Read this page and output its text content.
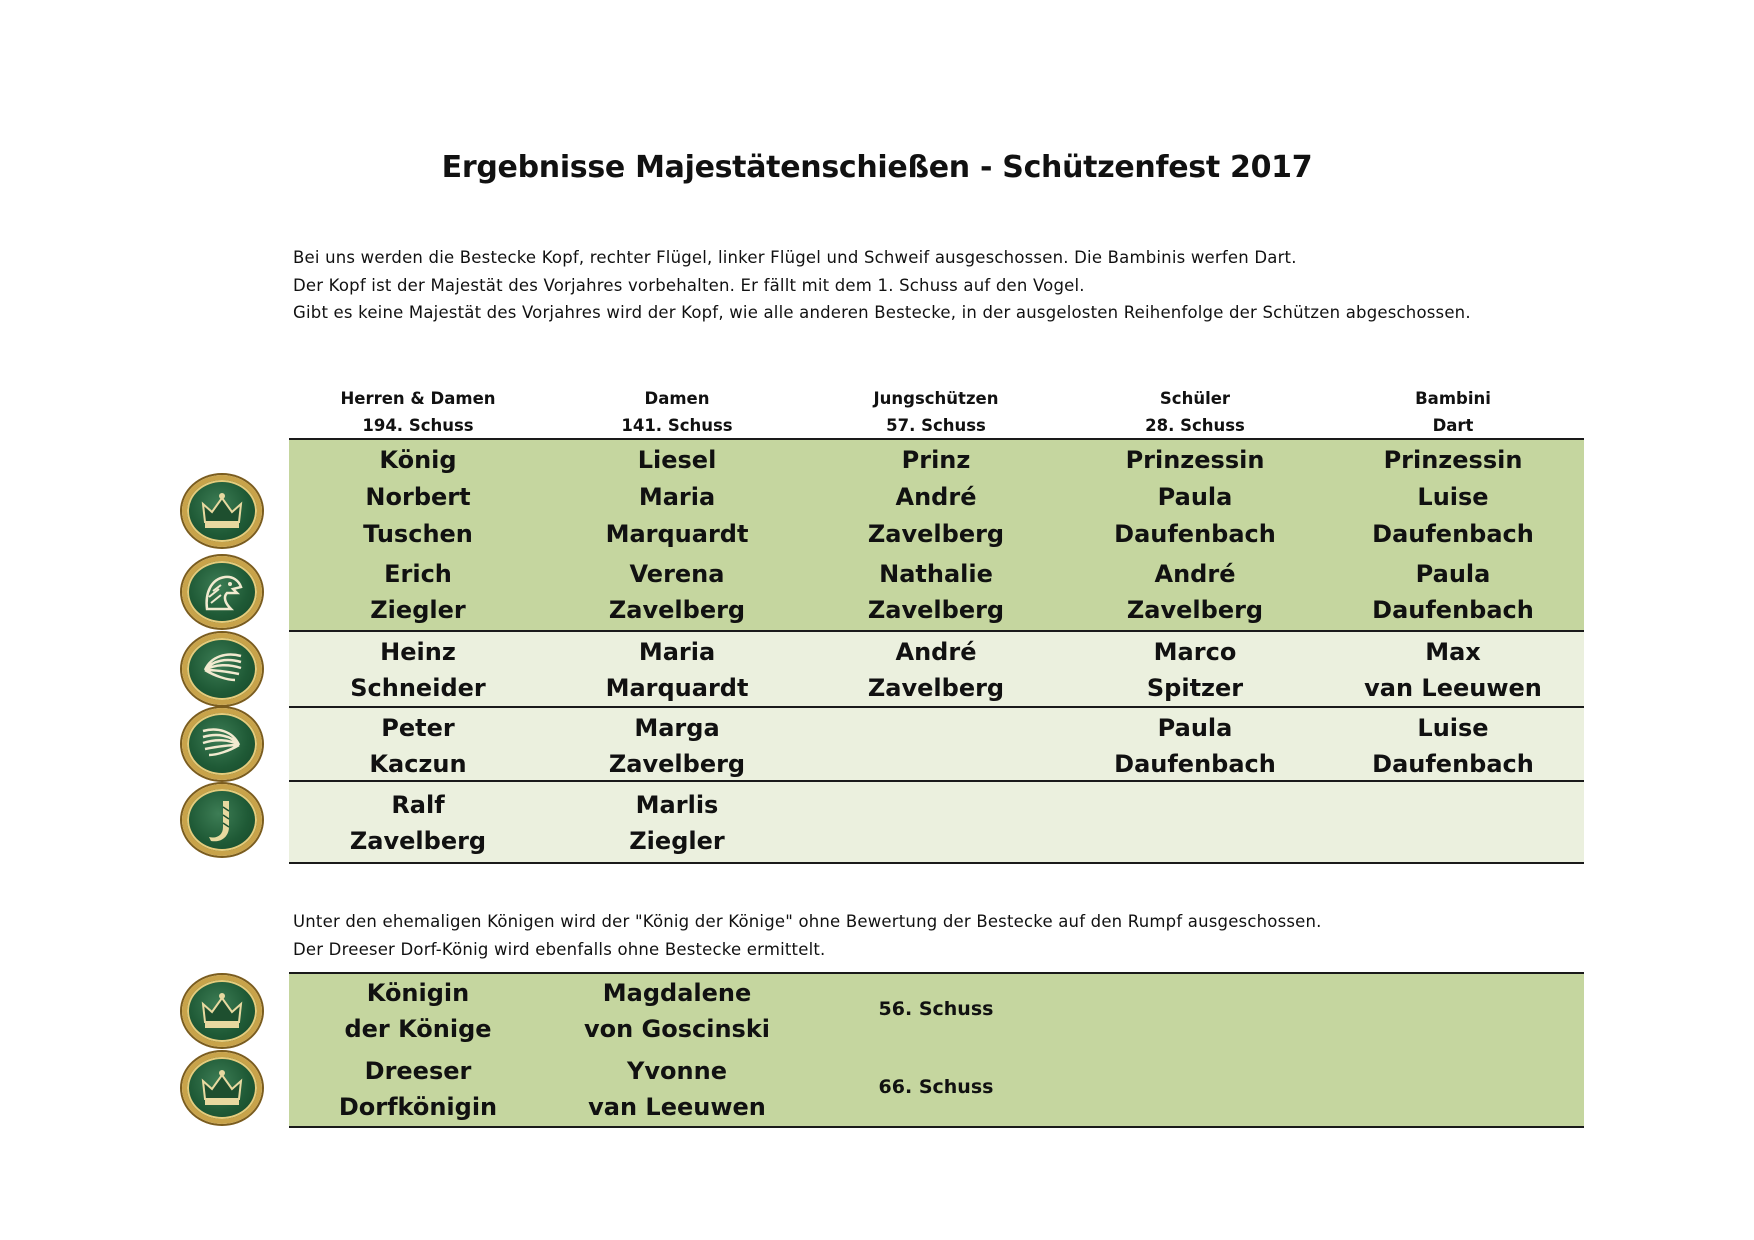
Ergebnisse Majestätenschießen - Schützenfest 2017
Bei uns werden die Bestecke Kopf, rechter Flügel, linker Flügel und Schweif ausgeschossen. Die Bambinis werfen Dart.
Der Kopf ist der Majestät des Vorjahres vorbehalten. Er fällt mit dem 1. Schuss auf den Vogel.
Gibt es keine Majestät des Vorjahres wird der Kopf, wie alle anderen Bestecke, in der ausgelosten Reihenfolge der Schützen abgeschossen.
Herren & Damen
194. Schuss
Damen
141. Schuss
Jungschützen
57. Schuss
Schüler
28. Schuss
Bambini
Dart
König
Norbert
Tuschen
Liesel
Maria
Marquardt
Prinz
André
Zavelberg
Prinzessin
Paula
Daufenbach
Prinzessin
Luise
Daufenbach
Erich
Ziegler
Verena
Zavelberg
Nathalie
Zavelberg
André
Zavelberg
Paula
Daufenbach
Heinz
Schneider
Maria
Marquardt
André
Zavelberg
Marco
Spitzer
Max
van Leeuwen
Peter
Kaczun
Marga
Zavelberg
Paula
Daufenbach
Luise
Daufenbach
Ralf
Zavelberg
Marlis
Ziegler
Unter den ehemaligen Königen wird der "König der Könige" ohne Bewertung der Bestecke auf den Rumpf ausgeschossen.
Der Dreeser Dorf-König wird ebenfalls ohne Bestecke ermittelt.
Königin
der Könige
Magdalene
von Goscinski
56. Schuss
Dreeser
Dorfkönigin
Yvonne
van Leeuwen
66. Schuss
